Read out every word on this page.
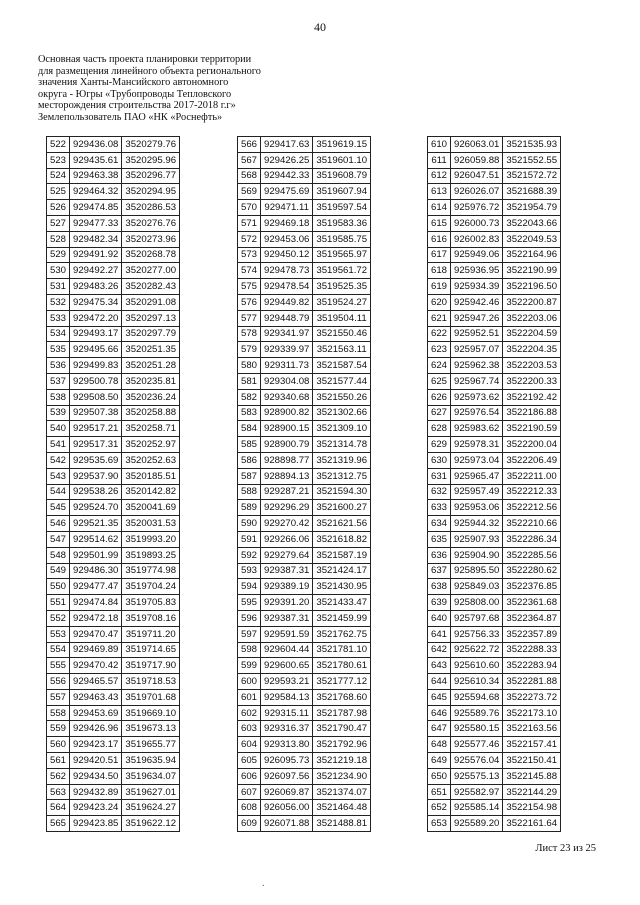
40
Основная часть проекта планировки территории
для размещения линейного объекта регионального
значения Ханты-Мансийского автономного
округа - Югры «Трубопроводы Тепловского
месторождения строительства 2017-2018 г.г»
Землепользователь ПАО «НК «Роснефть»
522	929436.08	3520279.76
523	929435.61	3520295.96
524	929463.38	3520296.77
525	929464.32	3520294.95
526	929474.85	3520286.53
527	929477.33	3520276.76
528	929482.34	3520273.96
529	929491.92	3520268.78
530	929492.27	3520277.00
531	929483.26	3520282.43
532	929475.34	3520291.08
533	929472.20	3520297.13
534	929493.17	3520297.79
535	929495.66	3520251.35
536	929499.83	3520251.28
537	929500.78	3520235.81
538	929508.50	3520236.24
539	929507.38	3520258.88
540	929517.21	3520258.71
541	929517.31	3520252.97
542	929535.69	3520252.63
543	929537.90	3520185.51
544	929538.26	3520142.82
545	929524.70	3520041.69
546	929521.35	3520031.53
547	929514.62	3519993.20
548	929501.99	3519893.25
549	929486.30	3519774.98
550	929477.47	3519704.24
551	929474.84	3519705.83
552	929472.18	3519708.16
553	929470.47	3519711.20
554	929469.89	3519714.65
555	929470.42	3519717.90
556	929465.57	3519718.53
557	929463.43	3519701.68
558	929453.69	3519669.10
559	929426.96	3519673.13
560	929423.17	3519655.77
561	929420.51	3519635.94
562	929434.50	3519634.07
563	929432.89	3519627.01
564	929423.24	3519624.27
565	929423.85	3519622.12
566	929417.63	3519619.15
567	929426.25	3519601.10
568	929442.33	3519608.79
569	929475.69	3519607.94
570	929471.11	3519597.54
571	929469.18	3519583.36
572	929453.06	3519585.75
573	929450.12	3519565.97
574	929478.73	3519561.72
575	929478.54	3519525.35
576	929449.82	3519524.27
577	929448.79	3519504.11
578	929341.97	3521550.46
579	929339.97	3521563.11
580	929311.73	3521587.54
581	929304.08	3521577.44
582	929340.68	3521550.26
583	928900.82	3521302.66
584	928900.15	3521309.10
585	928900.79	3521314.78
586	928898.77	3521319.96
587	928894.13	3521312.75
588	929287.21	3521594.30
589	929296.29	3521600.27
590	929270.42	3521621.56
591	929266.06	3521618.82
592	929279.64	3521587.19
593	929387.31	3521424.17
594	929389.19	3521430.95
595	929391.20	3521433.47
596	929387.31	3521459.99
597	929591.59	3521762.75
598	929604.44	3521781.10
599	929600.65	3521780.61
600	929593.21	3521777.12
601	929584.13	3521768.60
602	929315.11	3521787.98
603	929316.37	3521790.47
604	929313.80	3521792.96
605	926095.73	3521219.18
606	926097.56	3521234.90
607	926069.87	3521374.07
608	926056.00	3521464.48
609	926071.88	3521488.81
610	926063.01	3521535.93
611	926059.88	3521552.55
612	926047.51	3521572.72
613	926026.07	3521688.39
614	925976.72	3521954.79
615	926000.73	3522043.66
616	926002.83	3522049.53
617	925949.06	3522164.96
618	925936.95	3522190.99
619	925934.39	3522196.50
620	925942.46	3522200.87
621	925947.26	3522203.06
622	925952.51	3522204.59
623	925957.07	3522204.35
624	925962.38	3522203.53
625	925967.74	3522200.33
626	925973.62	3522192.42
627	925976.54	3522186.88
628	925983.62	3522190.59
629	925978.31	3522200.04
630	925973.04	3522206.49
631	925965.47	3522211.00
632	925957.49	3522212.33
633	925953.06	3522212.56
634	925944.32	3522210.66
635	925907.93	3522286.34
636	925904.90	3522285.56
637	925895.50	3522280.62
638	925849.03	3522376.85
639	925808.00	3522361.68
640	925797.68	3522364.87
641	925756.33	3522357.89
642	925622.72	3522288.33
643	925610.60	3522283.94
644	925610.34	3522281.88
645	925594.68	3522273.72
646	925589.76	3522173.10
647	925580.15	3522163.56
648	925577.46	3522157.41
649	925576.04	3522150.41
650	925575.13	3522145.88
651	925582.97	3522144.29
652	925585.14	3522154.98
653	925589.20	3522161.64
Лист 23 из 25
.
